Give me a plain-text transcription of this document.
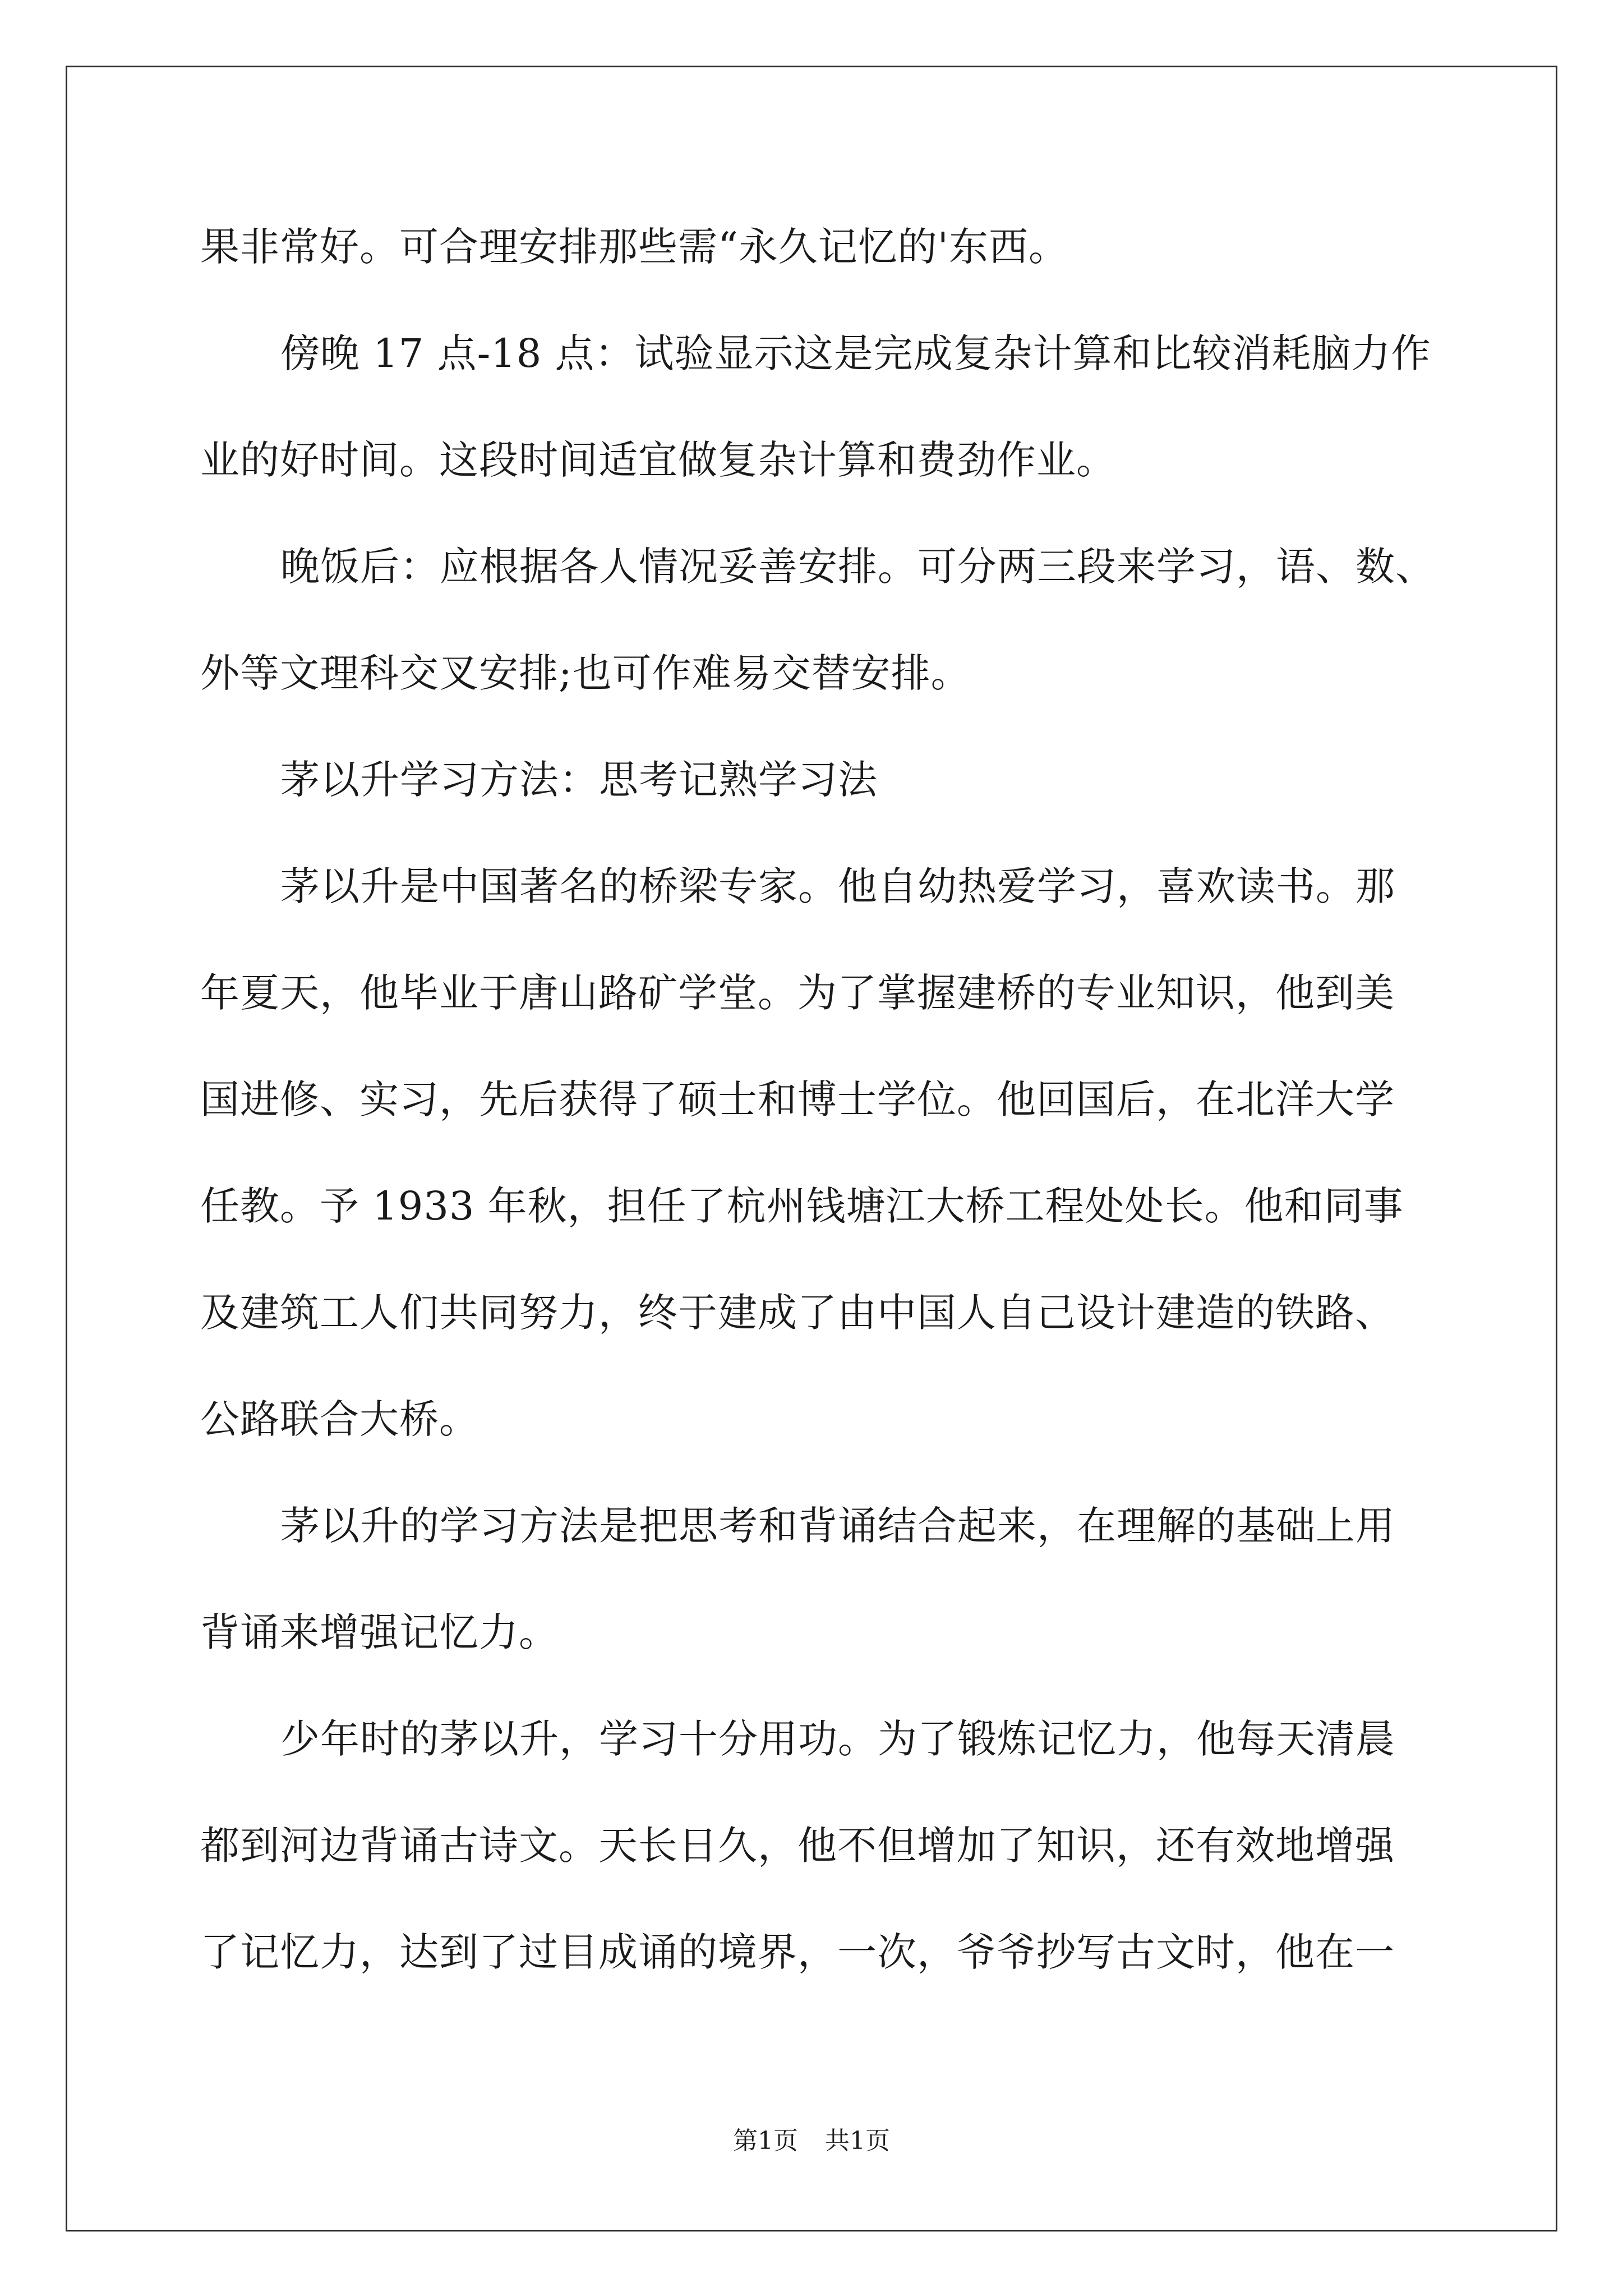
果非常好。可合理安排那些需“永久记忆的'东西。
傍晚 17 点-18 点：试验显示这是完成复杂计算和比较消耗脑力作
业的好时间。这段时间适宜做复杂计算和费劲作业。
晚饭后：应根据各人情况妥善安排。可分两三段来学习，语、数、
外等文理科交叉安排;也可作难易交替安排。
茅以升学习方法：思考记熟学习法
茅以升是中国著名的桥梁专家。他自幼热爱学习，喜欢读书。那
年夏天，他毕业于唐山路矿学堂。为了掌握建桥的专业知识，他到美
国进修、实习，先后获得了硕士和博士学位。他回国后，在北洋大学
任教。予 1933 年秋，担任了杭州钱塘江大桥工程处处长。他和同事
及建筑工人们共同努力，终于建成了由中国人自己设计建造的铁路、
公路联合大桥。
茅以升的学习方法是把思考和背诵结合起来，在理解的基础上用
背诵来增强记忆力。
少年时的茅以升，学习十分用功。为了锻炼记忆力，他每天清晨
都到河边背诵古诗文。天长日久，他不但增加了知识，还有效地增强
了记忆力，达到了过目成诵的境界，一次，爷爷抄写古文时，他在一
第1页 共1页
